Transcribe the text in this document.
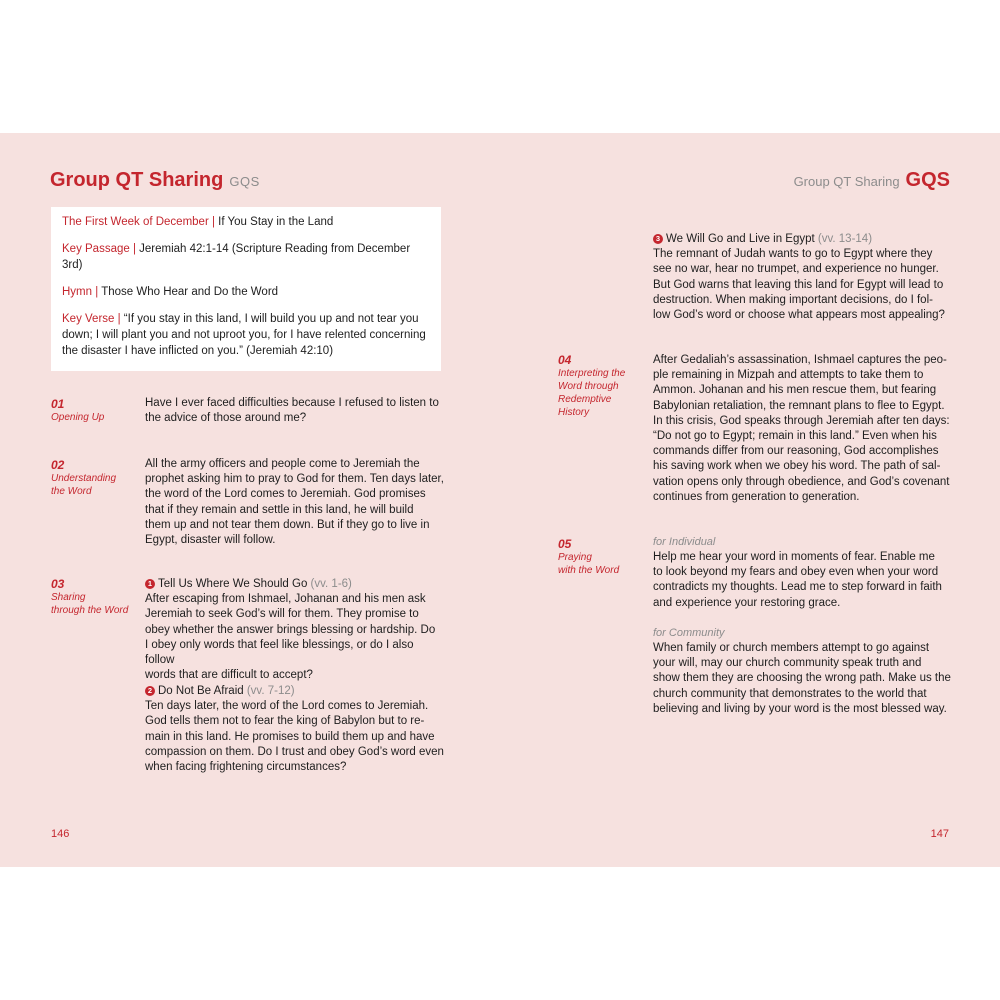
Group QT Sharing GQS	Group QT Sharing GQS

The First Week of December | If You Stay in the Land

Key Passage | Jeremiah 42:1-14 (Scripture Reading from December 3rd)

Hymn | Those Who Hear and Do the Word

Key Verse | “If you stay in this land, I will build you up and not tear you down; I will plant you and not uproot you, for I have relented concerning the disaster I have inflicted on you.” (Jeremiah 42:10)

01
Opening Up

Have I ever faced difficulties because I refused to listen to

the advice of those around me?

02
Understanding
the Word

All the army officers and people come to Jeremiah the

prophet asking him to pray to God for them. Ten days later,

the word of the Lord comes to Jeremiah. God promises

that if they remain and settle in this land, he will build

them up and not tear them down. But if they go to live in

Egypt, disaster will follow.

03
Sharing
through the Word
1 Tell Us Where We Should Go (vv. 1-6)

After escaping from Ishmael, Johanan and his men ask

Jeremiah to seek God’s will for them. They promise to

obey whether the answer brings blessing or hardship. Do

I obey only words that feel like blessings, or do I also follow

words that are difficult to accept?

2 Do Not Be Afraid (vv. 7-12)

Ten days later, the word of the Lord comes to Jeremiah.

God tells them not to fear the king of Babylon but to re-

main in this land. He promises to build them up and have

compassion on them. Do I trust and obey God’s word even

when facing frightening circumstances?

3 We Will Go and Live in Egypt (vv. 13-14)

The remnant of Judah wants to go to Egypt where they

see no war, hear no trumpet, and experience no hunger.

But God warns that leaving this land for Egypt will lead to

destruction. When making important decisions, do I fol-

low God’s word or choose what appears most appealing?

04
Interpreting the
Word through
Redemptive
History

After Gedaliah’s assassination, Ishmael captures the peo-

ple remaining in Mizpah and attempts to take them to

Ammon. Johanan and his men rescue them, but fearing

Babylonian retaliation, the remnant plans to flee to Egypt.

In this crisis, God speaks through Jeremiah after ten days:

“Do not go to Egypt; remain in this land.” Even when his

commands differ from our reasoning, God accomplishes

his saving work when we obey his word. The path of sal-

vation opens only through obedience, and God’s covenant

continues from generation to generation.

05
Praying
with the Word
for Individual

Help me hear your word in moments of fear. Enable me

to look beyond my fears and obey even when your word

contradicts my thoughts. Lead me to step forward in faith

and experience your restoring grace.

for Community

When family or church members attempt to go against

your will, may our church community speak truth and

show them they are choosing the wrong path. Make us the

church community that demonstrates to the world that

believing and living by your word is the most blessed way.

146	147
